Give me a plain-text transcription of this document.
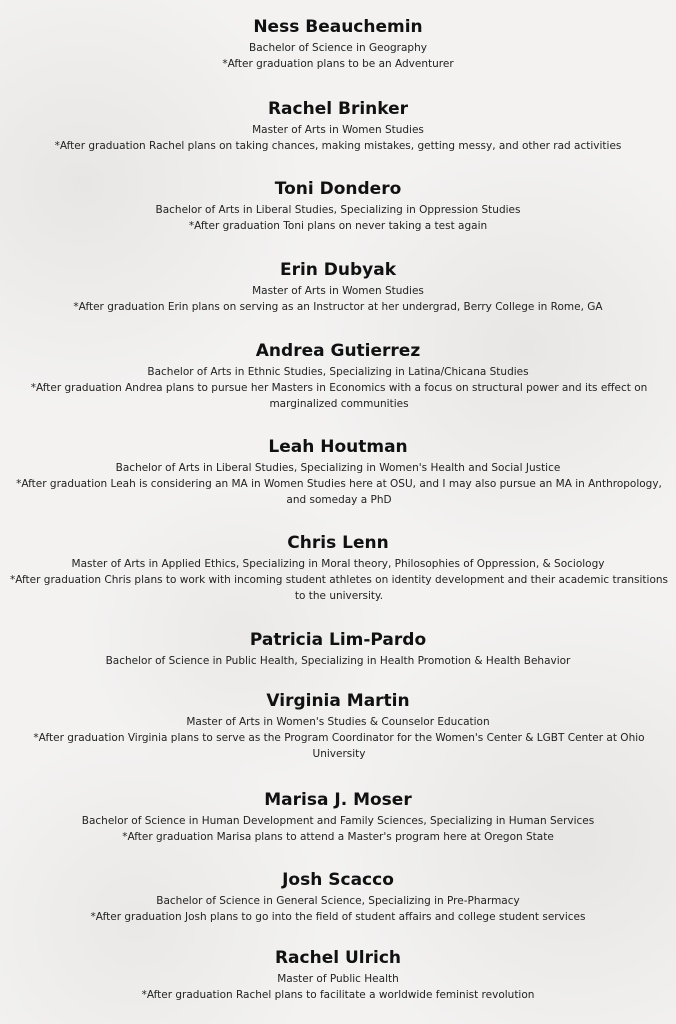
Ness Beauchemin
Bachelor of Science in Geography
*After graduation plans to be an Adventurer
Rachel Brinker
Master of Arts in Women Studies
*After graduation Rachel plans on taking chances, making mistakes, getting messy, and other rad activities
Toni Dondero
Bachelor of Arts in Liberal Studies, Specializing in Oppression Studies
*After graduation Toni plans on never taking a test again
Erin Dubyak
Master of Arts in Women Studies
*After graduation Erin plans on serving as an Instructor at her undergrad, Berry College in Rome, GA
Andrea Gutierrez
Bachelor of Arts in Ethnic Studies, Specializing in Latina/Chicana Studies
*After graduation Andrea plans to pursue her Masters in Economics with a focus on structural power and its effect on marginalized communities
Leah Houtman
Bachelor of Arts in Liberal Studies, Specializing in Women's Health and Social Justice
*After graduation Leah is considering an MA in Women Studies here at OSU, and I may also pursue an MA in Anthropology, and someday a PhD
Chris Lenn
Master of Arts in Applied Ethics, Specializing in Moral theory, Philosophies of Oppression, & Sociology
*After graduation Chris plans to work with incoming student athletes on identity development and their academic transitions to the university.
Patricia Lim-Pardo
Bachelor of Science in Public Health, Specializing in Health Promotion & Health Behavior
Virginia Martin
Master of Arts in Women's Studies & Counselor Education
*After graduation Virginia plans to serve as the Program Coordinator for the Women's Center & LGBT Center at Ohio University
Marisa J. Moser
Bachelor of Science in Human Development and Family Sciences, Specializing in Human Services
*After graduation Marisa plans to attend a Master's program here at Oregon State
Josh Scacco
Bachelor of Science in General Science, Specializing in Pre-Pharmacy
*After graduation Josh plans to go into the field of student affairs and college student services
Rachel Ulrich
Master of Public Health
*After graduation Rachel plans to facilitate a worldwide feminist revolution
